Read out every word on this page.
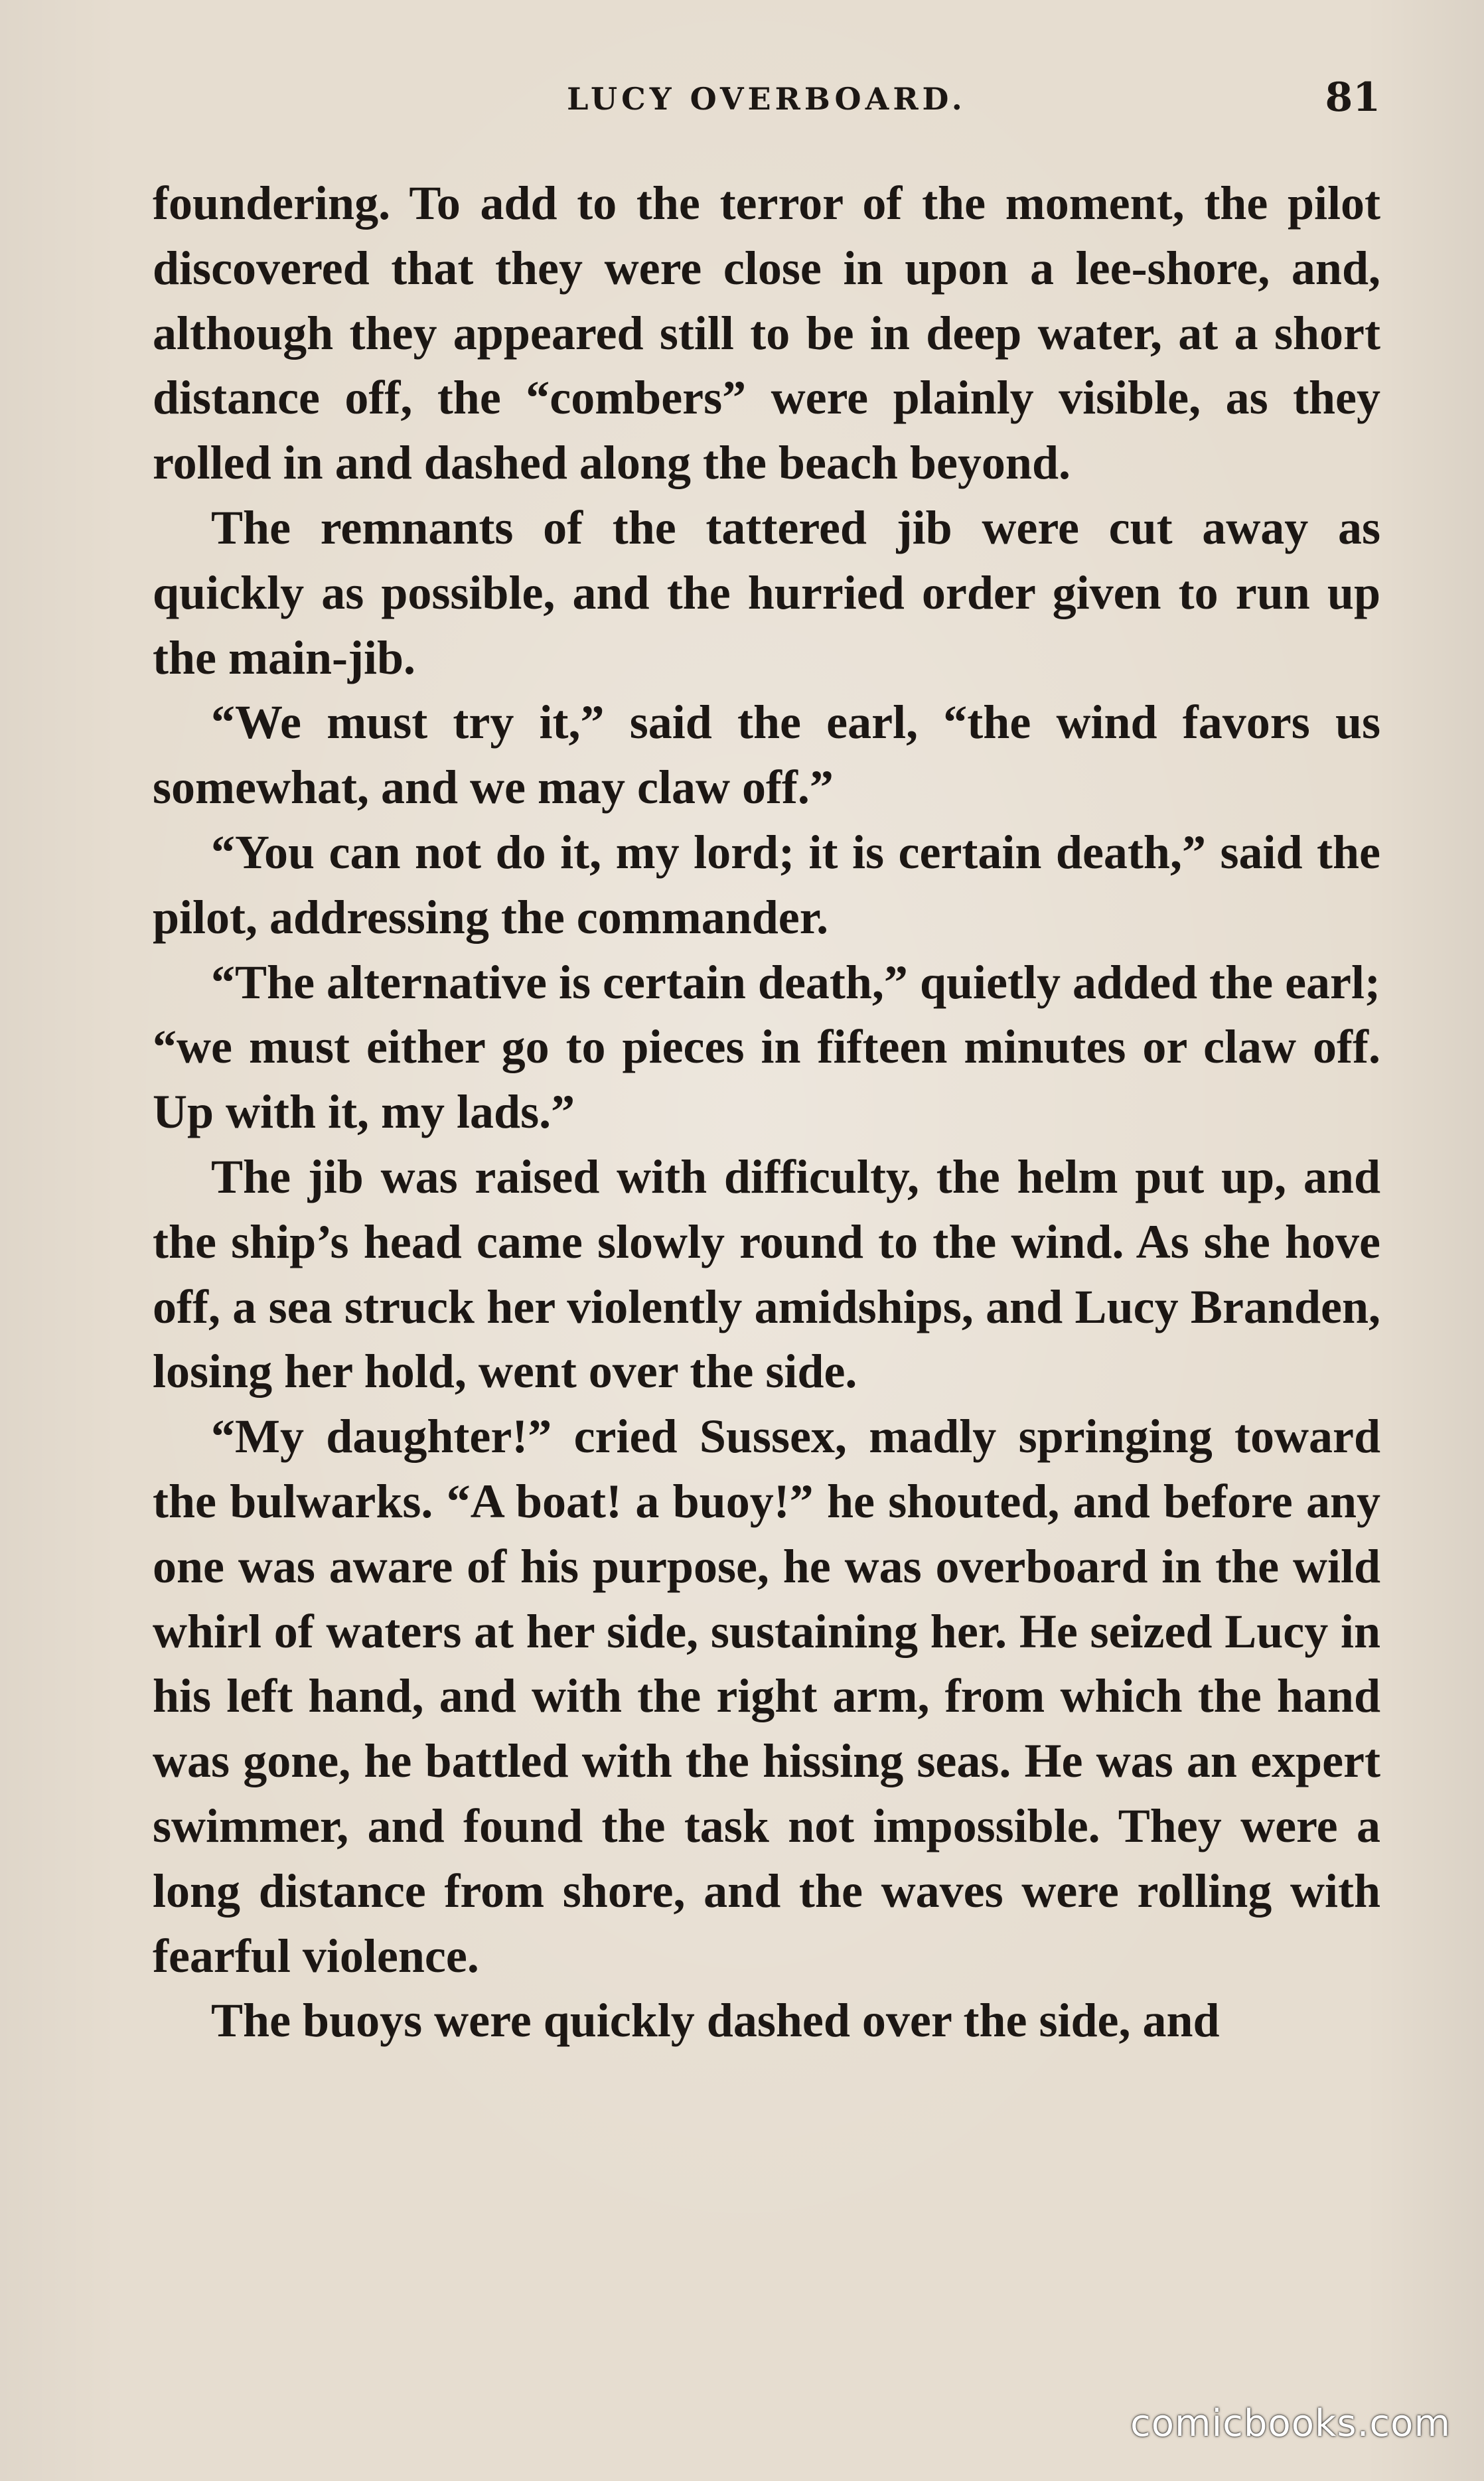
LUCY OVERBOARD.	81

foundering. To add to the terror of the moment, the pilot discovered that they were close in upon a lee-shore, and, although they appeared still to be in deep water, at a short distance off, the “combers” were plainly visible, as they rolled in and dashed along the beach beyond.

The remnants of the tattered jib were cut away as quickly as possible, and the hurried order given to run up the main-jib.

“We must try it,” said the earl, “the wind favors us somewhat, and we may claw off.”

“You can not do it, my lord; it is certain death,” said the pilot, addressing the commander.

“The alternative is certain death,” quietly added the earl; “we must either go to pieces in fifteen minutes or claw off. Up with it, my lads.”

The jib was raised with difficulty, the helm put up, and the ship’s head came slowly round to the wind. As she hove off, a sea struck her violently amidships, and Lucy Branden, losing her hold, went over the side.

“My daughter!” cried Sussex, madly springing toward the bulwarks. “A boat! a buoy!” he shouted, and before any one was aware of his purpose, he was overboard in the wild whirl of waters at her side, sustaining her. He seized Lucy in his left hand, and with the right arm, from which the hand was gone, he battled with the hissing seas. He was an expert swimmer, and found the task not impossible. They were a long distance from shore, and the waves were rolling with fearful violence.

The buoys were quickly dashed over the side, and

comicbooks.com
